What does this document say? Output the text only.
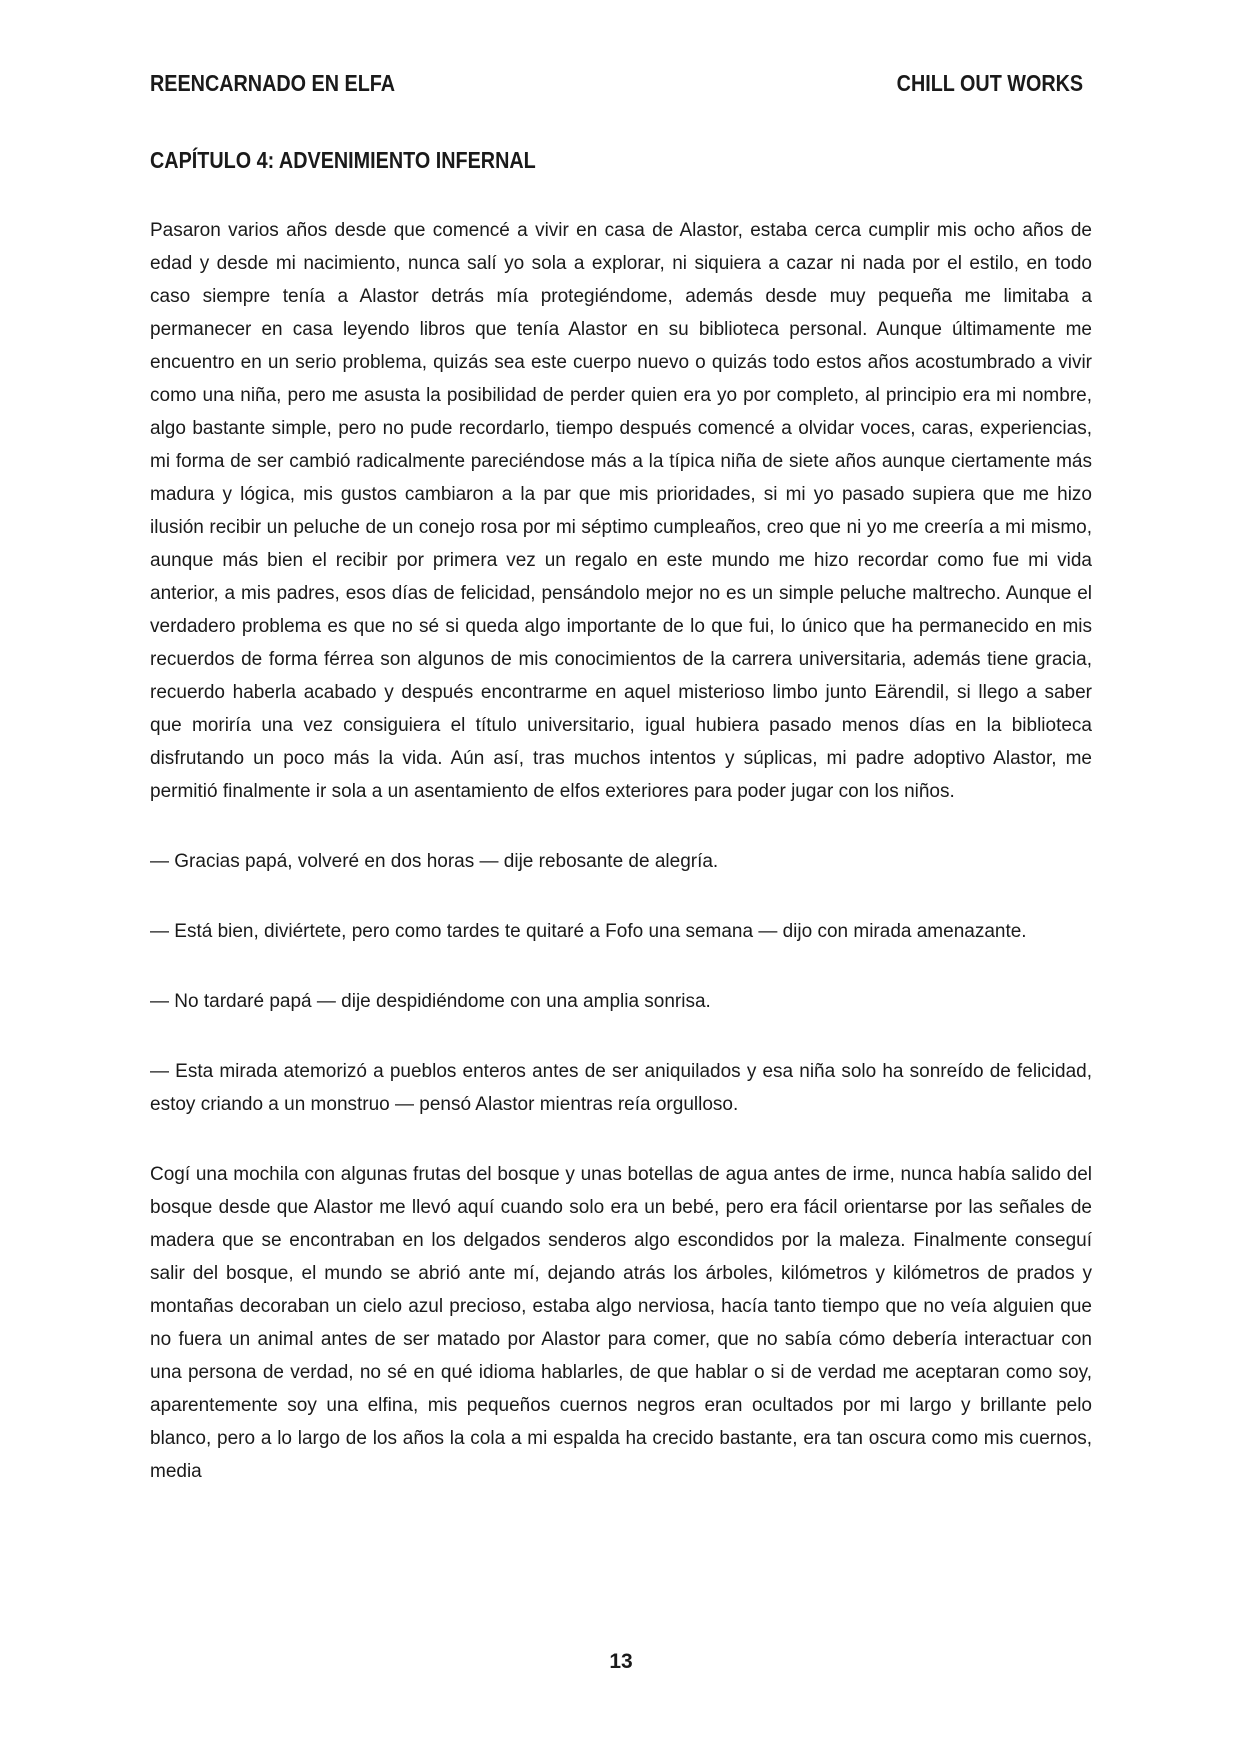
REENCARNADO EN ELFA	CHILL OUT WORKS
CAPÍTULO 4: ADVENIMIENTO INFERNAL

Pasaron varios años desde que comencé a vivir en casa de Alastor, estaba cerca cumplir mis ocho años de edad y desde mi nacimiento, nunca salí yo sola a explorar, ni siquiera a cazar ni nada por el estilo, en todo caso siempre tenía a Alastor detrás mía protegiéndome, además desde muy pequeña me limitaba a permanecer en casa leyendo libros que tenía Alastor en su biblioteca personal. Aunque últimamente me encuentro en un serio problema, quizás sea este cuerpo nuevo o quizás todo estos años acostumbrado a vivir como una niña, pero me asusta la posibilidad de perder quien era yo por completo, al principio era mi nombre, algo bastante simple, pero no pude recordarlo, tiempo después comencé a olvidar voces, caras, experiencias, mi forma de ser cambió radicalmente pareciéndose más a la típica niña de siete años aunque ciertamente más madura y lógica, mis gustos cambiaron a la par que mis prioridades, si mi yo pasado supiera que me hizo ilusión recibir un peluche de un conejo rosa por mi séptimo cumpleaños, creo que ni yo me creería a mi mismo, aunque más bien el recibir por primera vez un regalo en este mundo me hizo recordar como fue mi vida anterior, a mis padres, esos días de felicidad, pensándolo mejor no es un simple peluche maltrecho. Aunque el verdadero problema es que no sé si queda algo importante de lo que fui, lo único que ha permanecido en mis recuerdos de forma férrea son algunos de mis conocimientos de la carrera universitaria, además tiene gracia, recuerdo haberla acabado y después encontrarme en aquel misterioso limbo junto Eärendil, si llego a saber que moriría una vez consiguiera el título universitario, igual hubiera pasado menos días en la biblioteca disfrutando un poco más la vida. Aún así, tras muchos intentos y súplicas, mi padre adoptivo Alastor, me permitió finalmente ir sola a un asentamiento de elfos exteriores para poder jugar con los niños.

— Gracias papá, volveré en dos horas — dije rebosante de alegría.

— Está bien, diviértete, pero como tardes te quitaré a Fofo una semana — dijo con mirada amenazante.

— No tardaré papá — dije despidiéndome con una amplia sonrisa.

— Esta mirada atemorizó a pueblos enteros antes de ser aniquilados y esa niña solo ha sonreído de felicidad, estoy criando a un monstruo — pensó Alastor mientras reía orgulloso.

Cogí una mochila con algunas frutas del bosque y unas botellas de agua antes de irme, nunca había salido del bosque desde que Alastor me llevó aquí cuando solo era un bebé, pero era fácil orientarse por las señales de madera que se encontraban en los delgados senderos algo escondidos por la maleza. Finalmente conseguí salir del bosque, el mundo se abrió ante mí, dejando atrás los árboles, kilómetros y kilómetros de prados y montañas decoraban un cielo azul precioso, estaba algo nerviosa, hacía tanto tiempo que no veía alguien que no fuera un animal antes de ser matado por Alastor para comer, que no sabía cómo debería interactuar con una persona de verdad, no sé en qué idioma hablarles, de que hablar o si de verdad me aceptaran como soy, aparentemente soy una elfina, mis pequeños cuernos negros eran ocultados por mi largo y brillante pelo blanco, pero a lo largo de los años la cola a mi espalda ha crecido bastante, era tan oscura como mis cuernos, media

13
